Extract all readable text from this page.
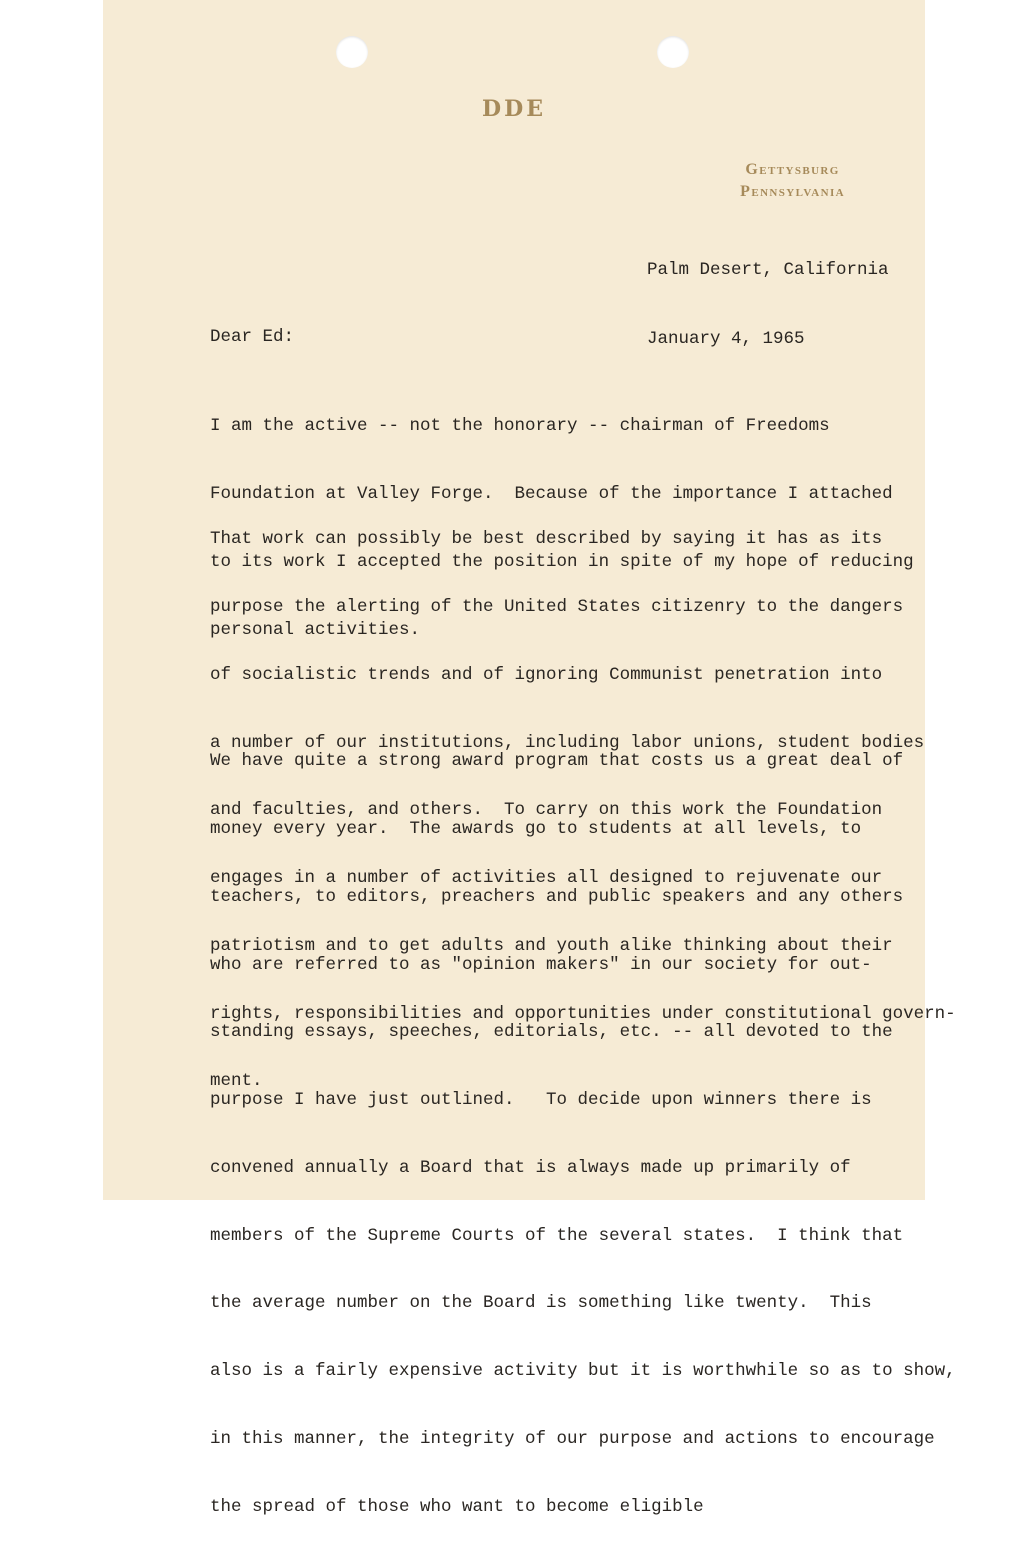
DDE
Gettysburg
Pennsylvania

Palm Desert, California

January 4, 1965

Dear Ed:

I am the active -- not the honorary -- chairman of Freedoms

Foundation at Valley Forge.  Because of the importance I attached

to its work I accepted the position in spite of my hope of reducing

personal activities.

That work can possibly be best described by saying it has as its

purpose the alerting of the United States citizenry to the dangers

of socialistic trends and of ignoring Communist penetration into

a number of our institutions, including labor unions, student bodies

and faculties, and others.  To carry on this work the Foundation

engages in a number of activities all designed to rejuvenate our

patriotism and to get adults and youth alike thinking about their

rights, responsibilities and opportunities under constitutional govern-

ment.

We have quite a strong award program that costs us a great deal of

money every year.  The awards go to students at all levels, to

teachers, to editors, preachers and public speakers and any others

who are referred to as "opinion makers" in our society for out-

standing essays, speeches, editorials, etc. -- all devoted to the

purpose I have just outlined.   To decide upon winners there is

convened annually a Board that is always made up primarily of

members of the Supreme Courts of the several states.  I think that

the average number on the Board is something like twenty.  This

also is a fairly expensive activity but it is worthwhile so as to show,

in this manner, the integrity of our purpose and actions to encourage

the spread of those who want to become eligible
